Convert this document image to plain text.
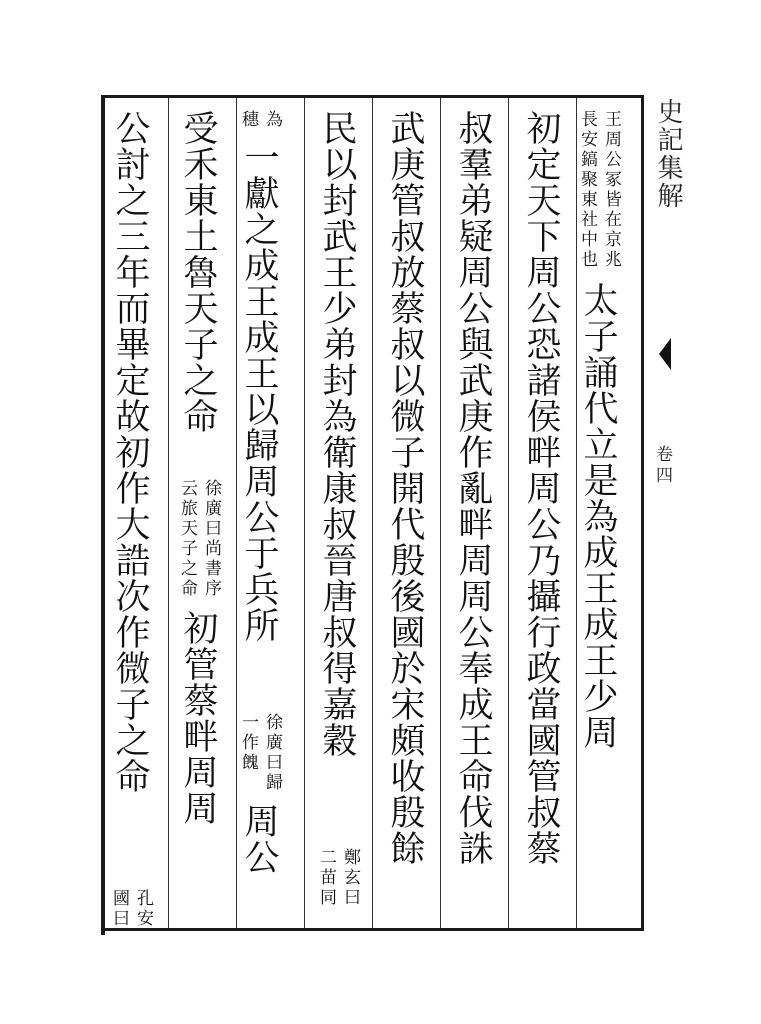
史記集解
卷四
王周公冢皆在京兆
長安鎬聚東社中也
太子誦代立是為成王成王少周
初定天下周公恐諸侯畔周公乃攝行政當國管叔蔡
叔羣弟疑周公與武庚作亂畔周周公奉成王命伐誅
武庚管叔放蔡叔以微子開代殷後國於宋頗收殷餘
民以封武王少弟封為衛康叔晉唐叔得嘉穀
鄭玄曰
二苗同
為
穗
一獻之成王成王以歸周公于兵所
徐廣曰歸
一作餽
周公
受禾東土魯天子之命
徐廣曰尚書序
云旅天子之命
初管蔡畔周周
公討之三年而畢定故初作大誥次作微子之命
孔安
國曰
